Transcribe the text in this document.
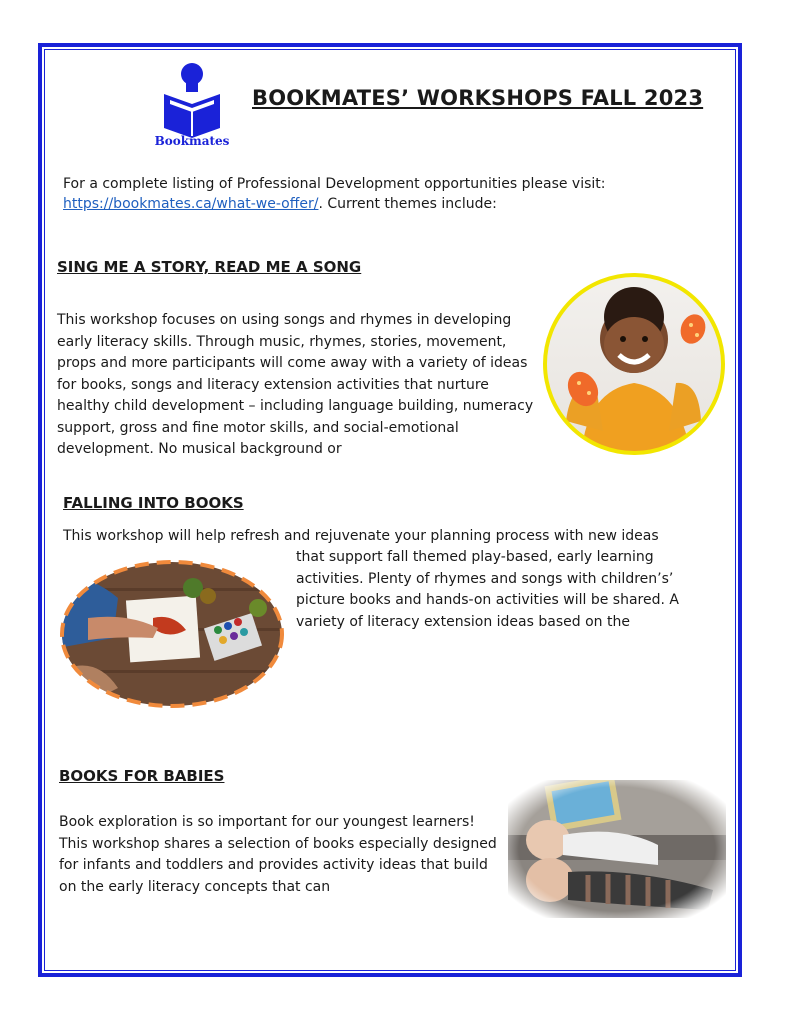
Bookmates
BOOKMATES’ WORKSHOPS FALL 2023
For a complete listing of Professional Development opportunities please visit:
https://bookmates.ca/what-we-offer/. Current themes include:
SING ME A STORY, READ ME A SONG
This workshop focuses on using songs and rhymes in developing early literacy skills. Through music, rhymes, stories, movement, props and more participants will come away with a variety of ideas for books, songs and literacy extension activities that nurture healthy child development – including language building, numeracy support, gross and fine motor skills, and social-emotional development. No musical background or
FALLING INTO BOOKS
This workshop will help refresh and rejuvenate your planning process with new ideas
that support fall themed play-based, early learning activities. Plenty of rhymes and songs with children’s’ picture books and hands-on activities will be shared. A variety of literacy extension ideas based on the
BOOKS FOR BABIES
Book exploration is so important for our youngest learners! This workshop shares a selection of books especially designed for infants and toddlers and provides activity ideas that build on the early literacy concepts that can
